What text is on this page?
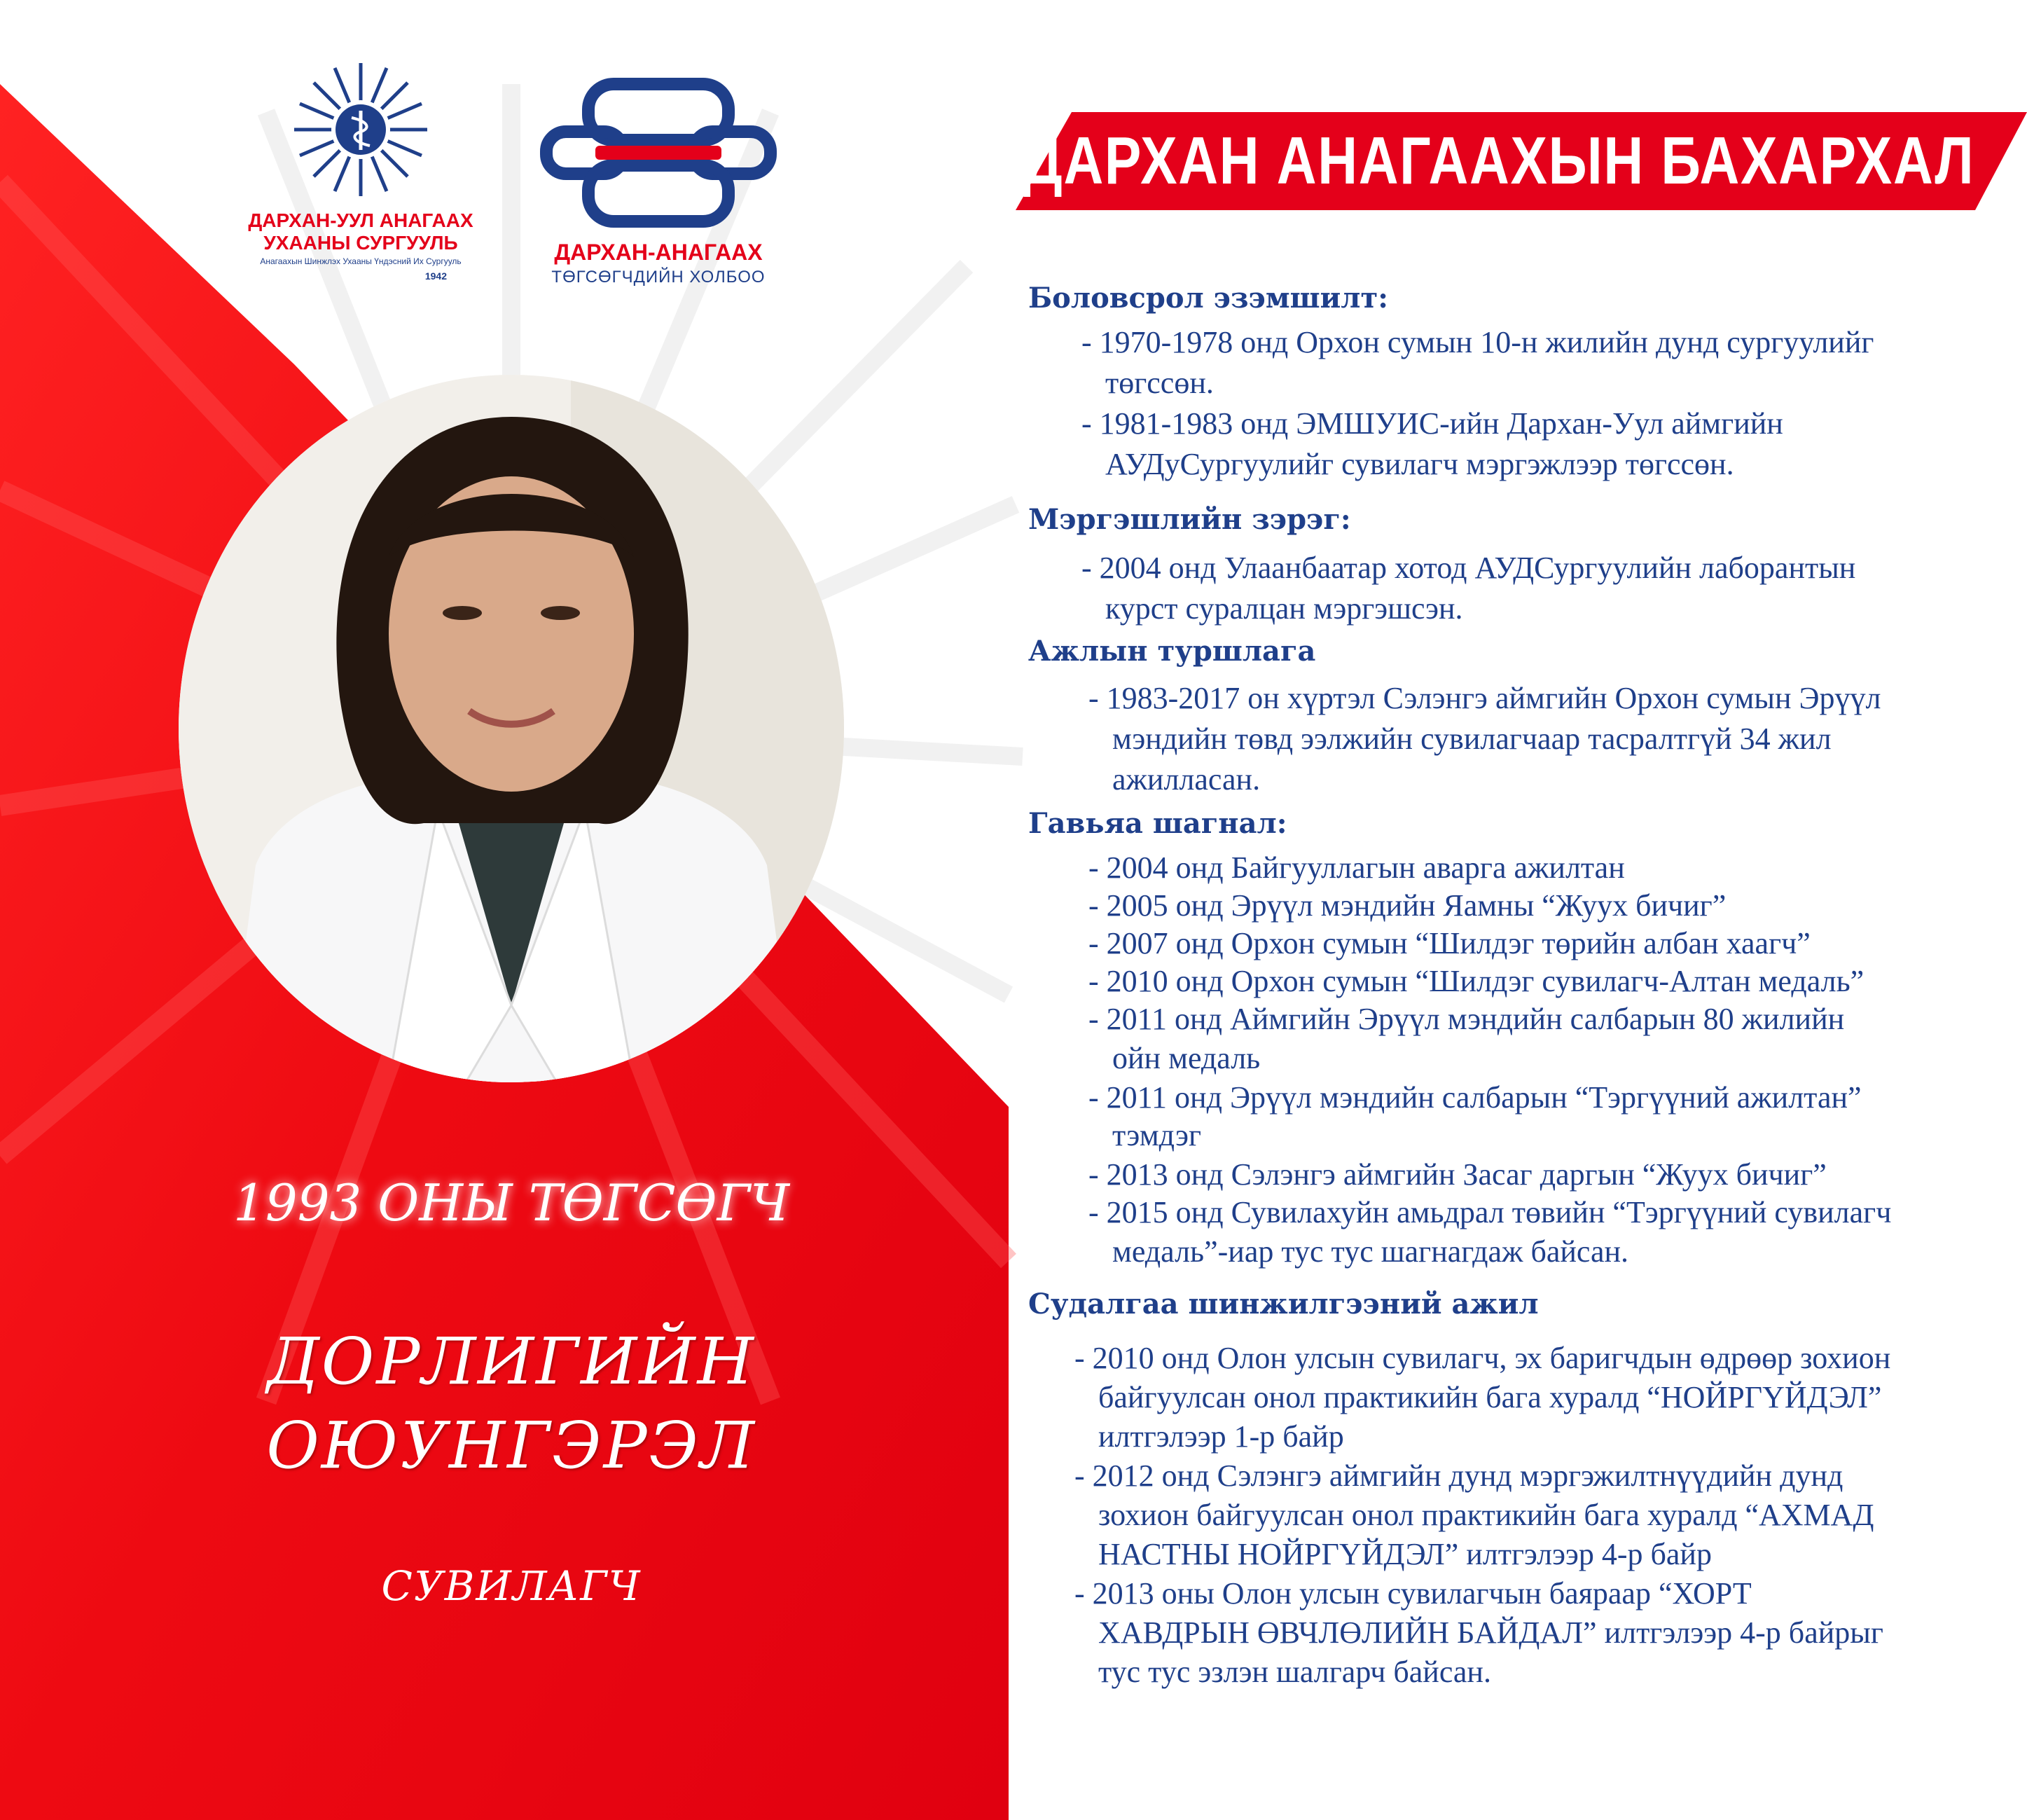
ДАРХАН-УУЛ АНАГААХ
УХААНЫ СУРГУУЛЬ
Анагаахын Шинжлэх Ухааны Үндэсний Их Сургууль
1942
ДАРХАН-АНАГААХ
ТӨГСӨГЧДИЙН ХОЛБОО
ДАРХАН АНАГААХЫН БАХАРХАЛ
1993 ОНЫ ТӨГСӨГЧ
ДОРЛИГИЙН
ОЮУНГЭРЭЛ
СУВИЛАГЧ
Боловсрол эзэмшилт:
- 1970-1978 онд Орхон сумын 10-н жилийн дунд сургуулийг
төгссөн.
- 1981-1983 онд ЭМШУИС-ийн Дархан-Уул аймгийн
АУДуСургуулийг сувилагч мэргэжлээр төгссөн.
Мэргэшлийн зэрэг:
- 2004 онд Улаанбаатар хотод АУДСургуулийн лаборантын
курст суралцан мэргэшсэн.
Ажлын туршлага
- 1983-2017 он хүртэл Сэлэнгэ аймгийн Орхон сумын Эрүүл
мэндийн төвд ээлжийн сувилагчаар тасралтгүй 34 жил
ажилласан.
Гавьяа шагнал:
- 2004 онд Байгууллагын аварга ажилтан
- 2005 онд Эрүүл мэндийн Яамны “Жуух бичиг”
- 2007 онд Орхон сумын “Шилдэг төрийн албан хаагч”
- 2010 онд Орхон сумын “Шилдэг сувилагч-Алтан медаль”
- 2011 онд Аймгийн Эрүүл мэндийн салбарын 80 жилийн
ойн медаль
- 2011 онд Эрүүл мэндийн салбарын “Тэргүүний ажилтан”
тэмдэг
- 2013 онд Сэлэнгэ аймгийн Засаг даргын “Жуух бичиг”
- 2015 онд Сувилахуйн амьдрал төвийн “Тэргүүний сувилагч
медаль”-иар тус тус шагнагдаж байсан.
Судалгаа шинжилгээний ажил
- 2010 онд Олон улсын сувилагч, эх баригчдын өдрөөр зохион
байгуулсан онол практикийн бага хуралд “НОЙРГҮЙДЭЛ”
илтгэлээр 1-р байр
- 2012 онд Сэлэнгэ аймгийн дунд мэргэжилтнүүдийн дунд
зохион байгуулсан онол практикийн бага хуралд “АХМАД
НАСТНЫ НОЙРГҮЙДЭЛ” илтгэлээр 4-р байр
- 2013 оны Олон улсын сувилагчын баяраар “ХОРТ
ХАВДРЫН ӨВЧЛӨЛИЙН БАЙДАЛ” илтгэлээр 4-р байрыг
тус тус эзлэн шалгарч байсан.
